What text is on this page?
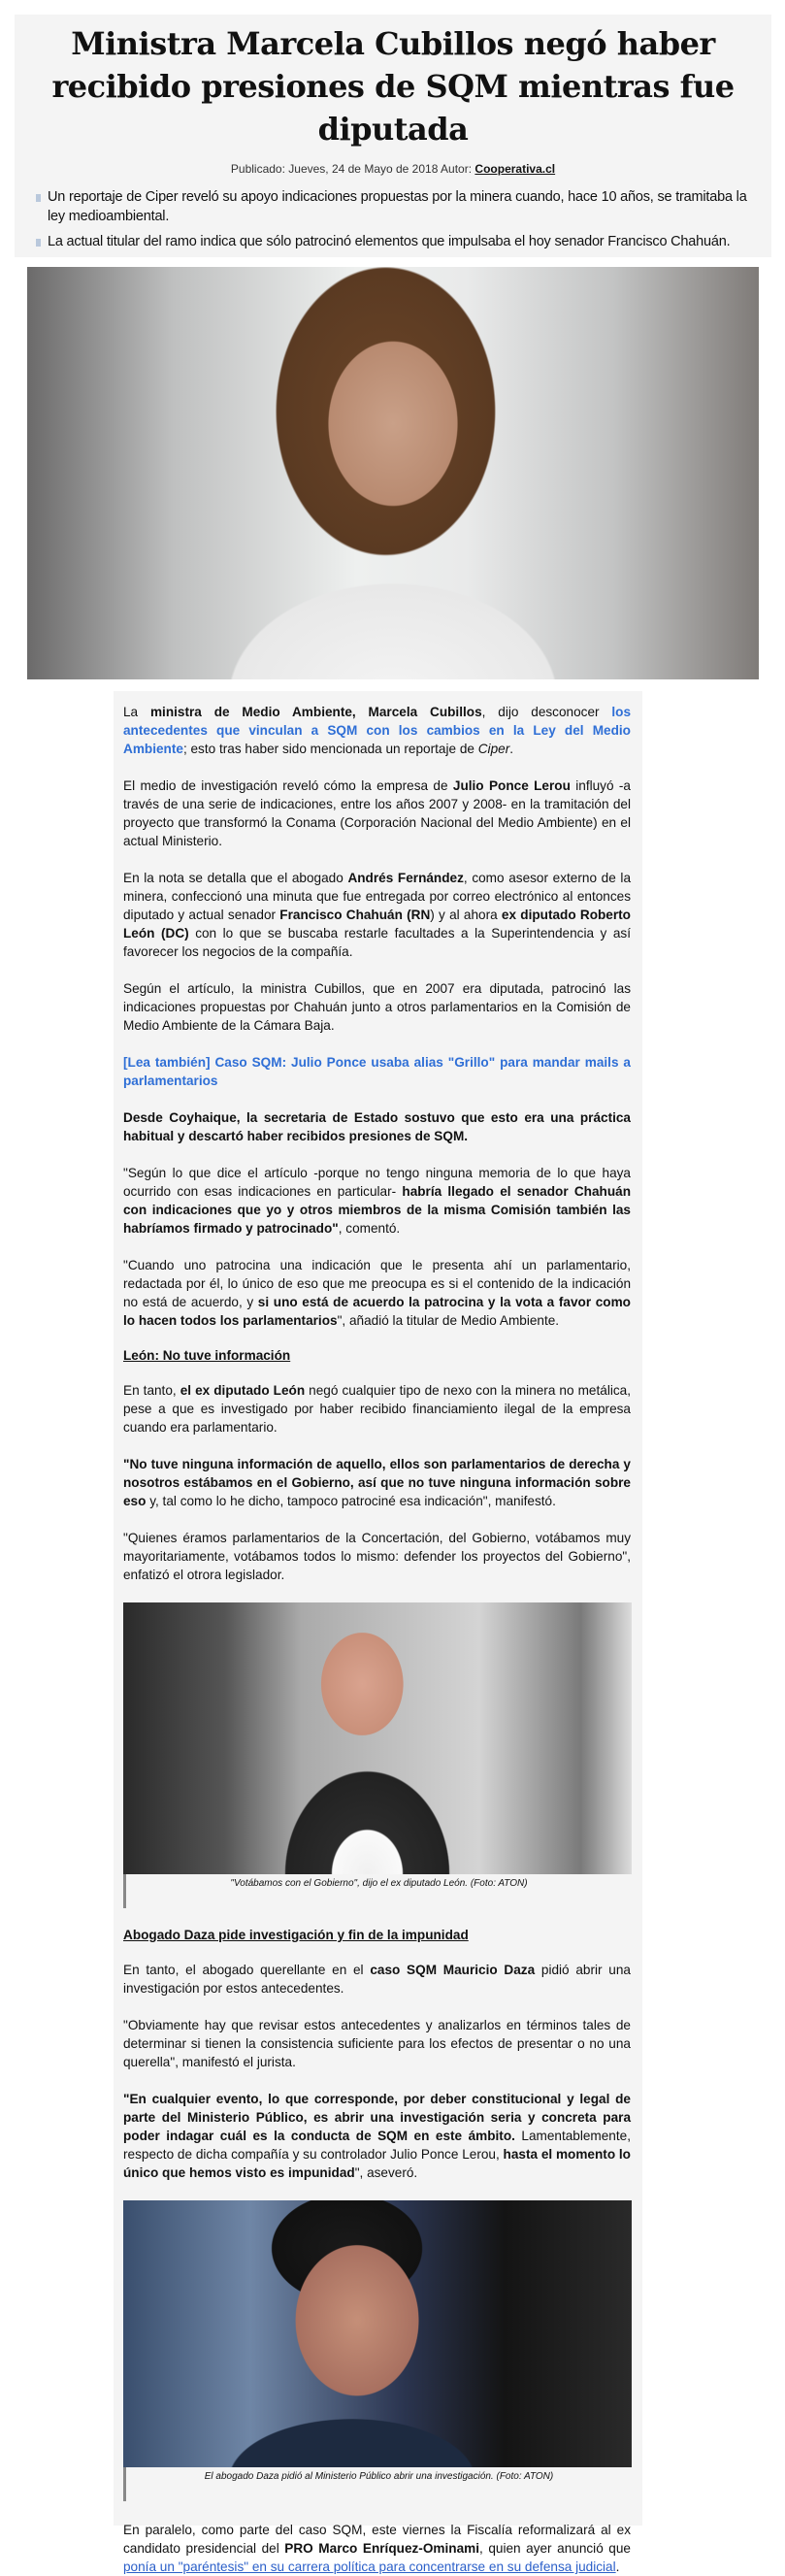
Ministra Marcela Cubillos negó haber recibido presiones de SQM mientras fue diputada
Publicado: Jueves, 24 de Mayo de 2018 Autor: Cooperativa.cl
Un reportaje de Ciper reveló su apoyo indicaciones propuestas por la minera cuando, hace 10 años, se tramitaba la ley medioambiental.
La actual titular del ramo indica que sólo patrocinó elementos que impulsaba el hoy senador Francisco Chahuán.

La ministra de Medio Ambiente, Marcela Cubillos, dijo desconocer los antecedentes que vinculan a SQM con los cambios en la Ley del Medio Ambiente; esto tras haber sido mencionada un reportaje de Ciper.

El medio de investigación reveló cómo la empresa de Julio Ponce Lerou influyó -a través de una serie de indicaciones, entre los años 2007 y 2008- en la tramitación del proyecto que transformó la Conama (Corporación Nacional del Medio Ambiente) en el actual Ministerio.

En la nota se detalla que el abogado Andrés Fernández, como asesor externo de la minera, confeccionó una minuta que fue entregada por correo electrónico al entonces diputado y actual senador Francisco Chahuán (RN) y al ahora ex diputado Roberto León (DC) con lo que se buscaba restarle facultades a la Superintendencia y así favorecer los negocios de la compañía.

Según el artículo, la ministra Cubillos, que en 2007 era diputada, patrocinó las indicaciones propuestas por Chahuán junto a otros parlamentarios en la Comisión de Medio Ambiente de la Cámara Baja.

[Lea también] Caso SQM: Julio Ponce usaba alias "Grillo" para mandar mails a parlamentarios

Desde Coyhaique, la secretaria de Estado sostuvo que esto era una práctica habitual y descartó haber recibidos presiones de SQM.

"Según lo que dice el artículo -porque no tengo ninguna memoria de lo que haya ocurrido con esas indicaciones en particular- habría llegado el senador Chahuán con indicaciones que yo y otros miembros de la misma Comisión también las habríamos firmado y patrocinado", comentó.

"Cuando uno patrocina una indicación que le presenta ahí un parlamentario, redactada por él, lo único de eso que me preocupa es si el contenido de la indicación no está de acuerdo, y si uno está de acuerdo la patrocina y la vota a favor como lo hacen todos los parlamentarios", añadió la titular de Medio Ambiente.

León: No tuve información

En tanto, el ex diputado León negó cualquier tipo de nexo con la minera no metálica, pese a que es investigado por haber recibido financiamiento ilegal de la empresa cuando era parlamentario.

"No tuve ninguna información de aquello, ellos son parlamentarios de derecha y nosotros estábamos en el Gobierno, así que no tuve ninguna información sobre eso y, tal como lo he dicho, tampoco patrociné esa indicación", manifestó.

"Quienes éramos parlamentarios de la Concertación, del Gobierno, votábamos muy mayoritariamente, votábamos todos lo mismo: defender los proyectos del Gobierno", enfatizó el otrora legislador.

"Votábamos con el Gobierno", dijo el ex diputado León. (Foto: ATON)
Abogado Daza pide investigación y fin de la impunidad

En tanto, el abogado querellante en el caso SQM Mauricio Daza pidió abrir una investigación por estos antecedentes.

"Obviamente hay que revisar estos antecedentes y analizarlos en términos tales de determinar si tienen la consistencia suficiente para los efectos de presentar o no una querella", manifestó el jurista.

"En cualquier evento, lo que corresponde, por deber constitucional y legal de parte del Ministerio Público, es abrir una investigación seria y concreta para poder indagar cuál es la conducta de SQM en este ámbito. Lamentablemente, respecto de dicha compañía y su controlador Julio Ponce Lerou, hasta el momento lo único que hemos visto es impunidad", aseveró.

El abogado Daza pidió al Ministerio Público abrir una investigación. (Foto: ATON)

En paralelo, como parte del caso SQM, este viernes la Fiscalía reformalizará al ex candidato presidencial del PRO Marco Enríquez-Ominami, quien ayer anunció que ponía un "paréntesis" en su carrera política para concentrarse en su defensa judicial.
